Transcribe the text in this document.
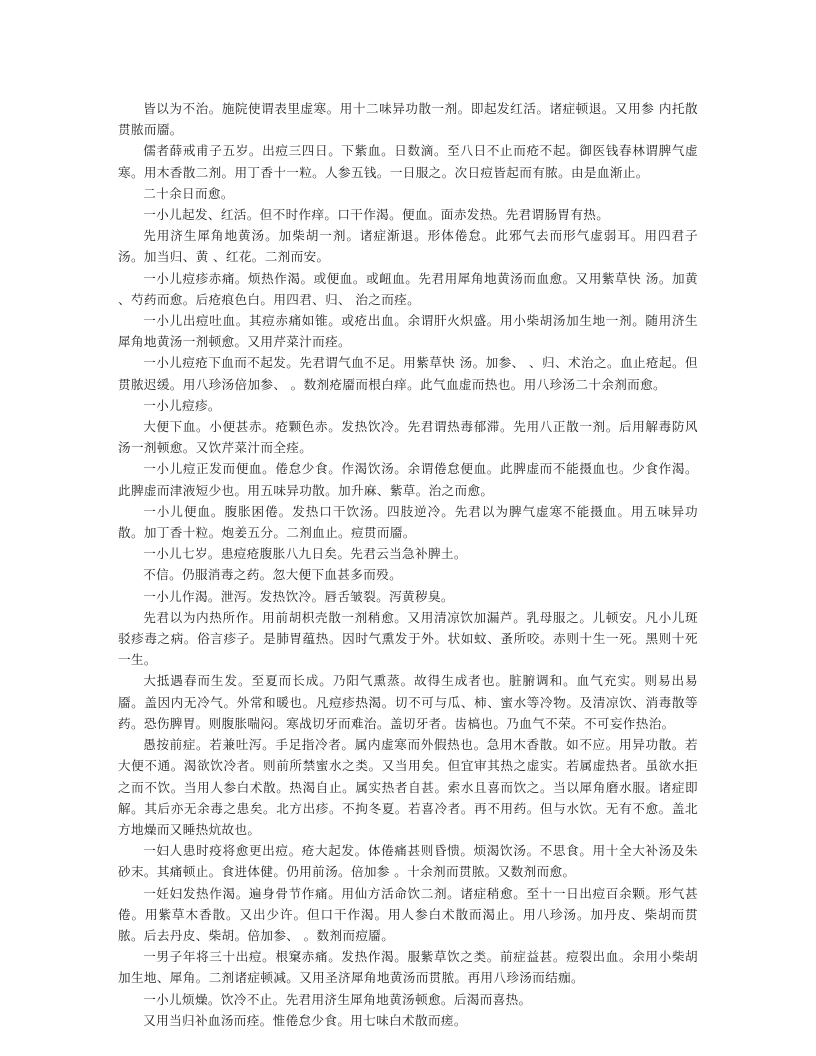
皆以为不治。施院使谓表里虚寒。用十二味异功散一剂。即起发红活。诸症顿退。又用参 内托散贯脓而靥。

儒者薛戒甫子五岁。出痘三四日。下紫血。日数滴。至八日不止而疮不起。御医钱春林谓脾气虚寒。用木香散二剂。用丁香十一粒。人参五钱。一日服之。次日痘皆起而有脓。由是血渐止。

二十余日而愈。

一小儿起发、红活。但不时作痒。口干作渴。便血。面赤发热。先君谓肠胃有热。

先用济生犀角地黄汤。加柴胡一剂。诸症渐退。形体倦怠。此邪气去而形气虚弱耳。用四君子汤。加当归、黄 、红花。二剂而安。

一小儿痘疹赤痛。烦热作渴。或便血。或衄血。先君用犀角地黄汤而血愈。又用紫草快 汤。加黄 、芍药而愈。后疮痕色白。用四君、归、 治之而痊。

一小儿出痘吐血。其痘赤痛如锥。或疮出血。余谓肝火炽盛。用小柴胡汤加生地一剂。随用济生犀角地黄汤一剂顿愈。又用芹菜汁而痊。

一小儿痘疮下血而不起发。先君谓气血不足。用紫草快 汤。加参、 、归、术治之。血止疮起。但贯脓迟缓。用八珍汤倍加参、 。数剂疮靥而根白痒。此气血虚而热也。用八珍汤二十余剂而愈。

一小儿痘疹。

大便下血。小便甚赤。疮颗色赤。发热饮冷。先君谓热毒郁滞。先用八正散一剂。后用解毒防风汤一剂顿愈。又饮芹菜汁而全痊。

一小儿痘正发而便血。倦怠少食。作渴饮汤。余谓倦怠便血。此脾虚而不能摄血也。少食作渴。此脾虚而津液短少也。用五味异功散。加升麻、紫草。治之而愈。

一小儿便血。腹胀困倦。发热口干饮汤。四肢逆冷。先君以为脾气虚寒不能摄血。用五味异功散。加丁香十粒。炮姜五分。二剂血止。痘贯而靥。

一小儿七岁。患痘疮腹胀八九日矣。先君云当急补脾土。

不信。仍服消毒之药。忽大便下血甚多而殁。

一小儿作渴。泄泻。发热饮冷。唇舌皱裂。泻黄秽臭。

先君以为内热所作。用前胡枳壳散一剂稍愈。又用清凉饮加漏芦。乳母服之。儿顿安。凡小儿斑驳疹毒之病。俗言疹子。是肺胃蕴热。因时气熏发于外。状如蚊、蚤所咬。赤则十生一死。黑则十死一生。

大抵遇春而生发。至夏而长成。乃阳气熏蒸。故得生成者也。脏腑调和。血气充实。则易出易靥。盖因内无冷气。外常和暖也。凡痘疹热渴。切不可与瓜、柿、蜜水等冷物。及清凉饮、消毒散等药。恐伤脾胃。则腹胀喘闷。寒战切牙而难治。盖切牙者。齿槁也。乃血气不荣。不可妄作热治。

愚按前症。若兼吐泻。手足指冷者。属内虚寒而外假热也。急用木香散。如不应。用异功散。若大便不通。渴欲饮冷者。则前所禁蜜水之类。又当用矣。但宜审其热之虚实。若属虚热者。虽欲水拒之而不饮。当用人参白术散。热渴自止。属实热者自甚。索水且喜而饮之。当以犀角磨水服。诸症即解。其后亦无余毒之患矣。北方出疹。不拘冬夏。若喜冷者。再不用药。但与水饮。无有不愈。盖北方地燥而又睡热炕故也。

一妇人患时疫将愈更出痘。疮大起发。体倦痛甚则昏愦。烦渴饮汤。不思食。用十全大补汤及朱砂末。其痛顿止。食进体健。仍用前汤。倍加参 。十余剂而贯脓。又数剂而愈。

一妊妇发热作渴。遍身骨节作痛。用仙方活命饮二剂。诸症稍愈。至十一日出痘百余颗。形气甚倦。用紫草木香散。又出少许。但口干作渴。用人参白术散而渴止。用八珍汤。加丹皮、柴胡而贯脓。后去丹皮、柴胡。倍加参、 。数剂而痘靥。

一男子年将三十出痘。根窠赤痛。发热作渴。服紫草饮之类。前症益甚。痘裂出血。余用小柴胡加生地、犀角。二剂诸症顿减。又用圣济犀角地黄汤而贯脓。再用八珍汤而结痂。

一小儿烦燥。饮冷不止。先君用济生犀角地黄汤顿愈。后渴而喜热。

又用当归补血汤而痊。惟倦怠少食。用七味白术散而瘥。
